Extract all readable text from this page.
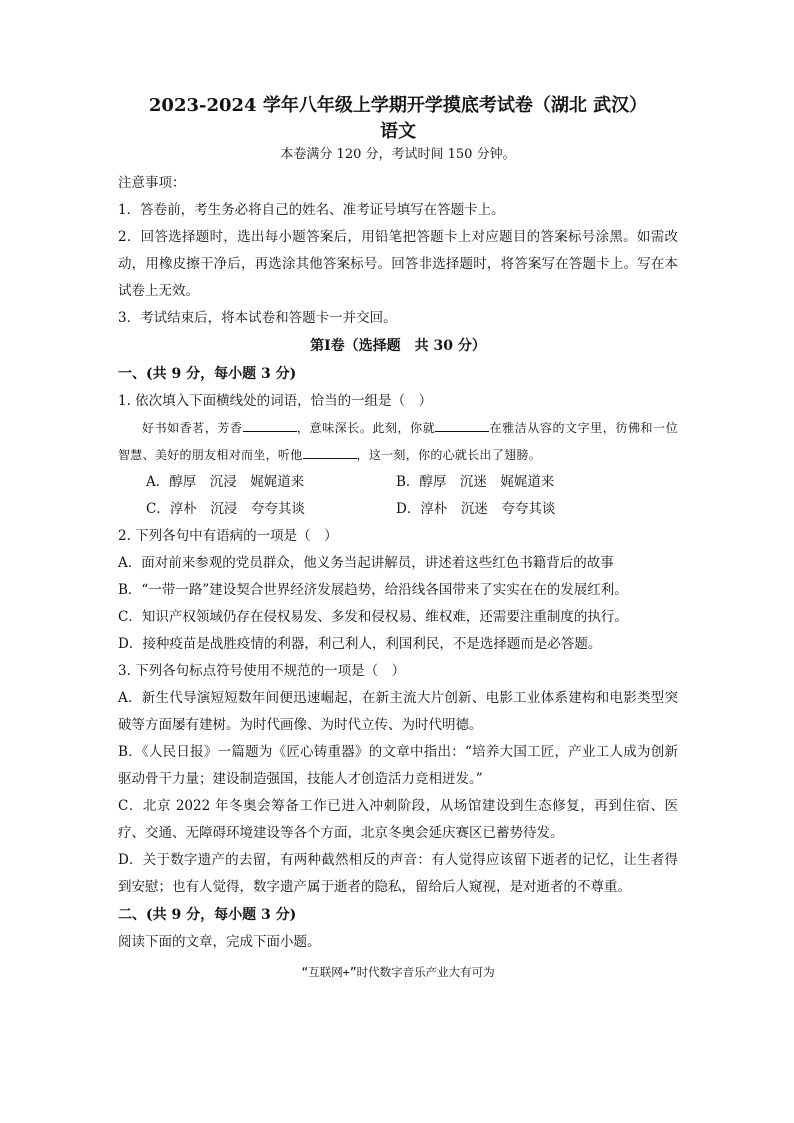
2023-2024 学年八年级上学期开学摸底考试卷（湖北 武汉）
语文

本卷满分 120 分，考试时间 150 分钟。

注意事项：

1．答卷前，考生务必将自己的姓名、准考证号填写在答题卡上。

2．回答选择题时，选出每小题答案后，用铅笔把答题卡上对应题目的答案标号涂黑。如需改动，用橡皮擦干净后，再选涂其他答案标号。回答非选择题时，将答案写在答题卡上。写在本试卷上无效。

3．考试结束后，将本试卷和答题卡一并交回。

第Ⅰ卷（选择题　共 30 分）

一、(共 9 分，每小题 3 分)

1. 依次填入下面横线处的词语，恰当的一组是（　）

好书如香茗，芳香	，意味深长。此刻，你就	在雅洁从容的文字里，彷佛和一位智慧、美好的朋友相对而坐，听他	，这一刻，你的心就长出了翅膀。

A．醇厚　沉浸　娓娓道来	B．醇厚　沉迷　娓娓道来
C．淳朴　沉浸　夸夸其谈	D．淳朴　沉迷　夸夸其谈

2. 下列各句中有语病的一项是（　）

A．面对前来参观的党员群众，他义务当起讲解员，讲述着这些红色书籍背后的故事

B．“一带一路”建设契合世界经济发展趋势，给沿线各国带来了实实在在的发展红利。

C．知识产权领域仍存在侵权易发、多发和侵权易、维权难，还需要注重制度的执行。

D．接种疫苗是战胜疫情的利器，利己利人，利国利民，不是选择题而是必答题。

3. 下列各句标点符号使用不规范的一项是（　）

A．新生代导演短短数年间便迅速崛起，在新主流大片创新、电影工业体系建构和电影类型突破等方面屡有建树。为时代画像、为时代立传、为时代明德。

B．《人民日报》一篇题为《匠心铸重器》的文章中指出：“培养大国工匠，产业工人成为创新驱动骨干力量；建设制造强国，技能人才创造活力竞相迸发。”

C．北京 2022 年冬奥会筹备工作已进入冲刺阶段，从场馆建设到生态修复，再到住宿、医疗、交通、无障碍环境建设等各个方面，北京冬奥会延庆赛区已蓄势待发。

D．关于数字遗产的去留，有两种截然相反的声音：有人觉得应该留下逝者的记忆，让生者得到安慰；也有人觉得，数字遗产属于逝者的隐私，留给后人窥视，是对逝者的不尊重。

二、(共 9 分，每小题 3 分)

阅读下面的文章，完成下面小题。

“互联网+”时代数字音乐产业大有可为
